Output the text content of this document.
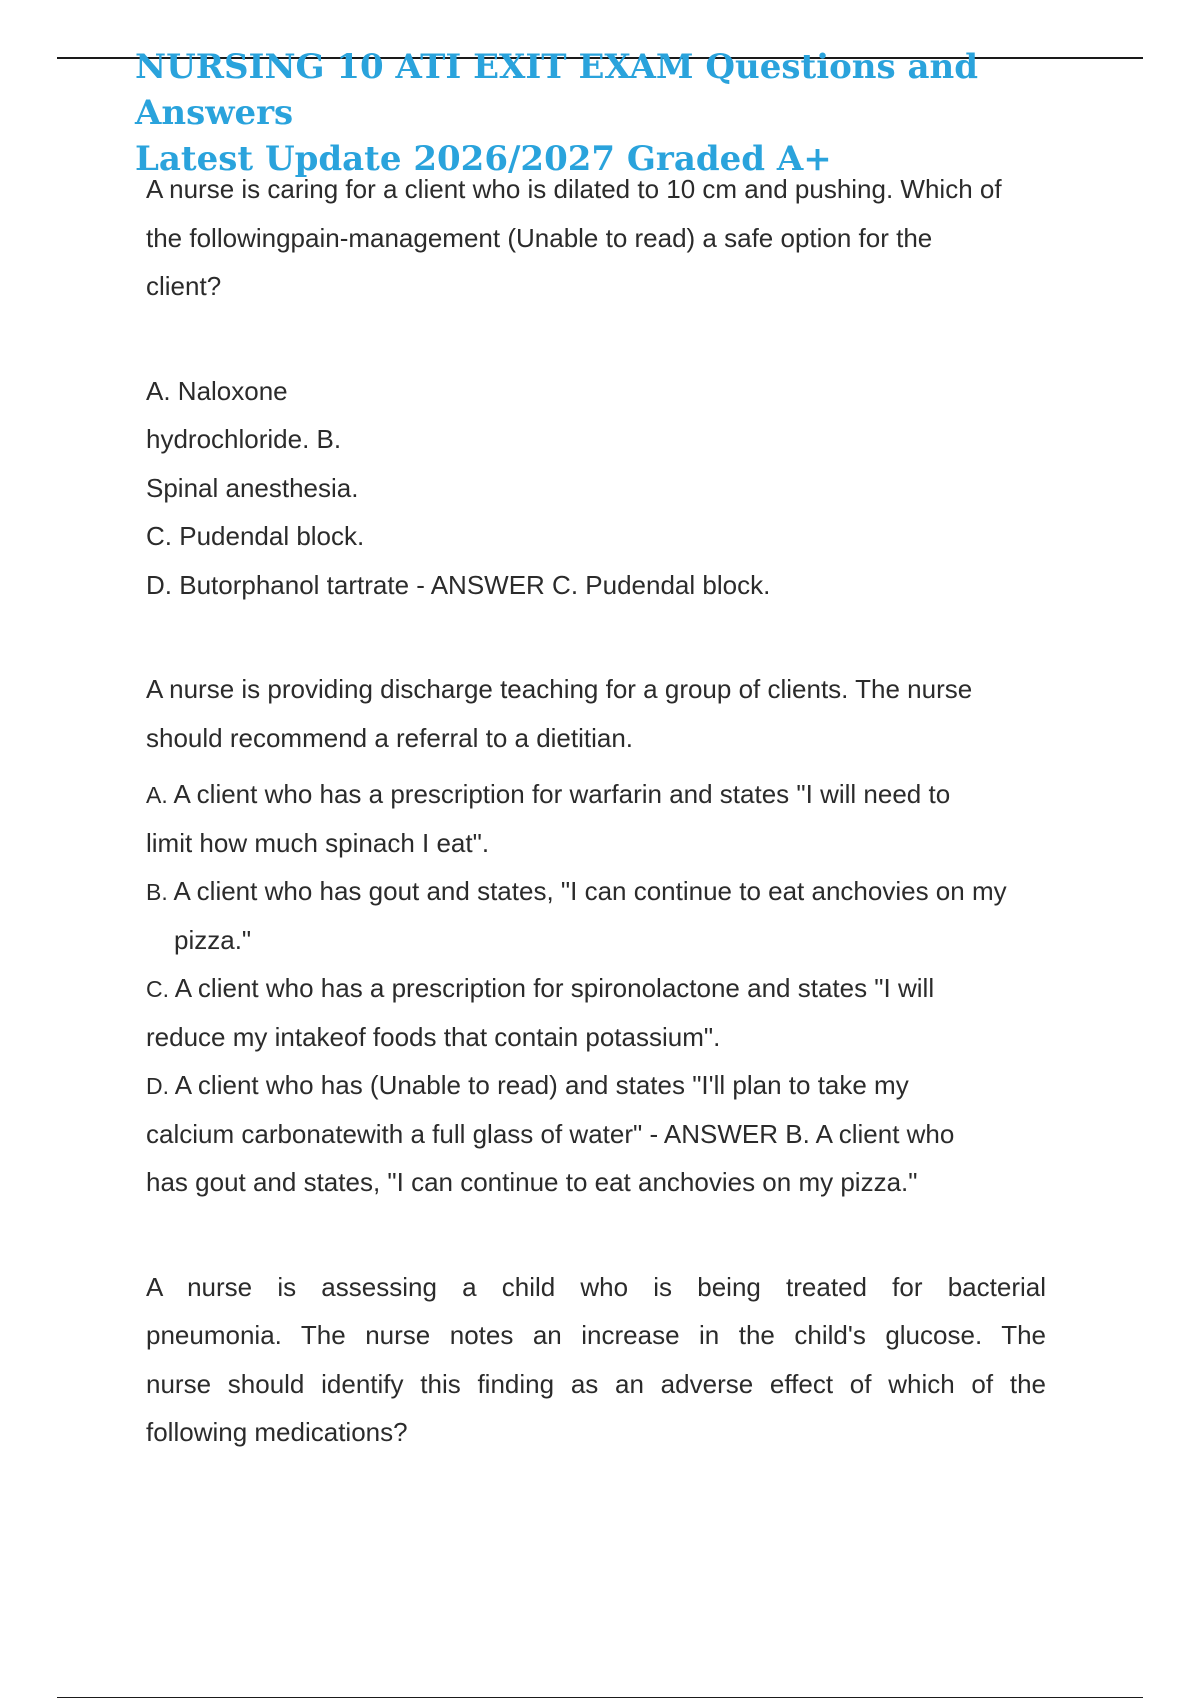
NURSING 10 ATI EXIT EXAM Questions and Answers
Latest Update 2026/2027 Graded A+
A nurse is caring for a client who is dilated to 10 cm and pushing. Which of
the followingpain-management (Unable to read) a safe option for the
client?
A. Naloxone
hydrochloride. B.
Spinal anesthesia.
C. Pudendal block.
D. Butorphanol tartrate - ANSWER C. Pudendal block.
A nurse is providing discharge teaching for a group of clients. The nurse
should recommend a referral to a dietitian.
A. A client who has a prescription for warfarin and states "I will need to
limit how much spinach I eat".
B. A client who has gout and states, "I can continue to eat anchovies on my
pizza."
C. A client who has a prescription for spironolactone and states "I will
reduce my intakeof foods that contain potassium".
D. A client who has (Unable to read) and states "I'll plan to take my
calcium carbonatewith a full glass of water" - ANSWER B. A client who
has gout and states, "I can continue to eat anchovies on my pizza."
A nurse is assessing a child who is being treated for bacterial
pneumonia. The nurse notes an increase in the child's glucose. The
nurse should identify this finding as an adverse effect of which of the
following medications?
